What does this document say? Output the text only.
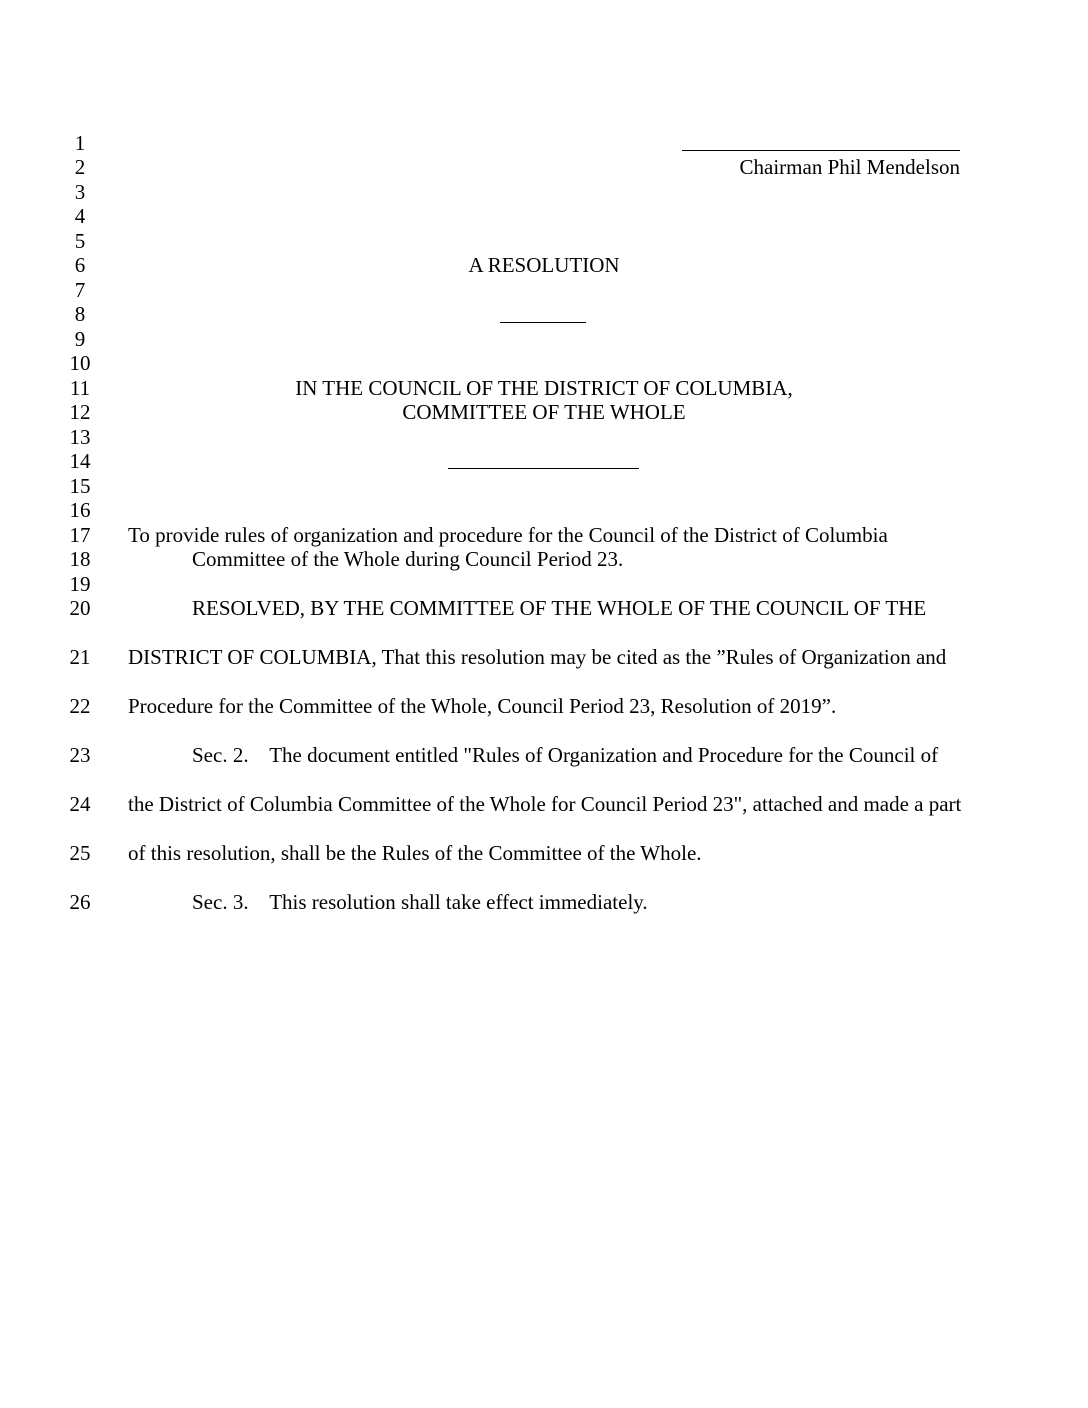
1
2
3
4
5
6
7
8
9
10
11
12
13
14
15
16
17
18
19
20
21
22
23
24
25
26
Chairman Phil Mendelson
A RESOLUTION
IN THE COUNCIL OF THE DISTRICT OF COLUMBIA,
COMMITTEE OF THE WHOLE
To provide rules of organization and procedure for the Council of the District of Columbia
Committee of the Whole during Council Period 23.
RESOLVED, BY THE COMMITTEE OF THE WHOLE OF THE COUNCIL OF THE
DISTRICT OF COLUMBIA, That this resolution may be cited as the ”Rules of Organization and
Procedure for the Committee of the Whole, Council Period 23, Resolution of 2019”.
Sec. 2.    The document entitled "Rules of Organization and Procedure for the Council of
the District of Columbia Committee of the Whole for Council Period 23", attached and made a part
of this resolution, shall be the Rules of the Committee of the Whole.
Sec. 3.    This resolution shall take effect immediately.
